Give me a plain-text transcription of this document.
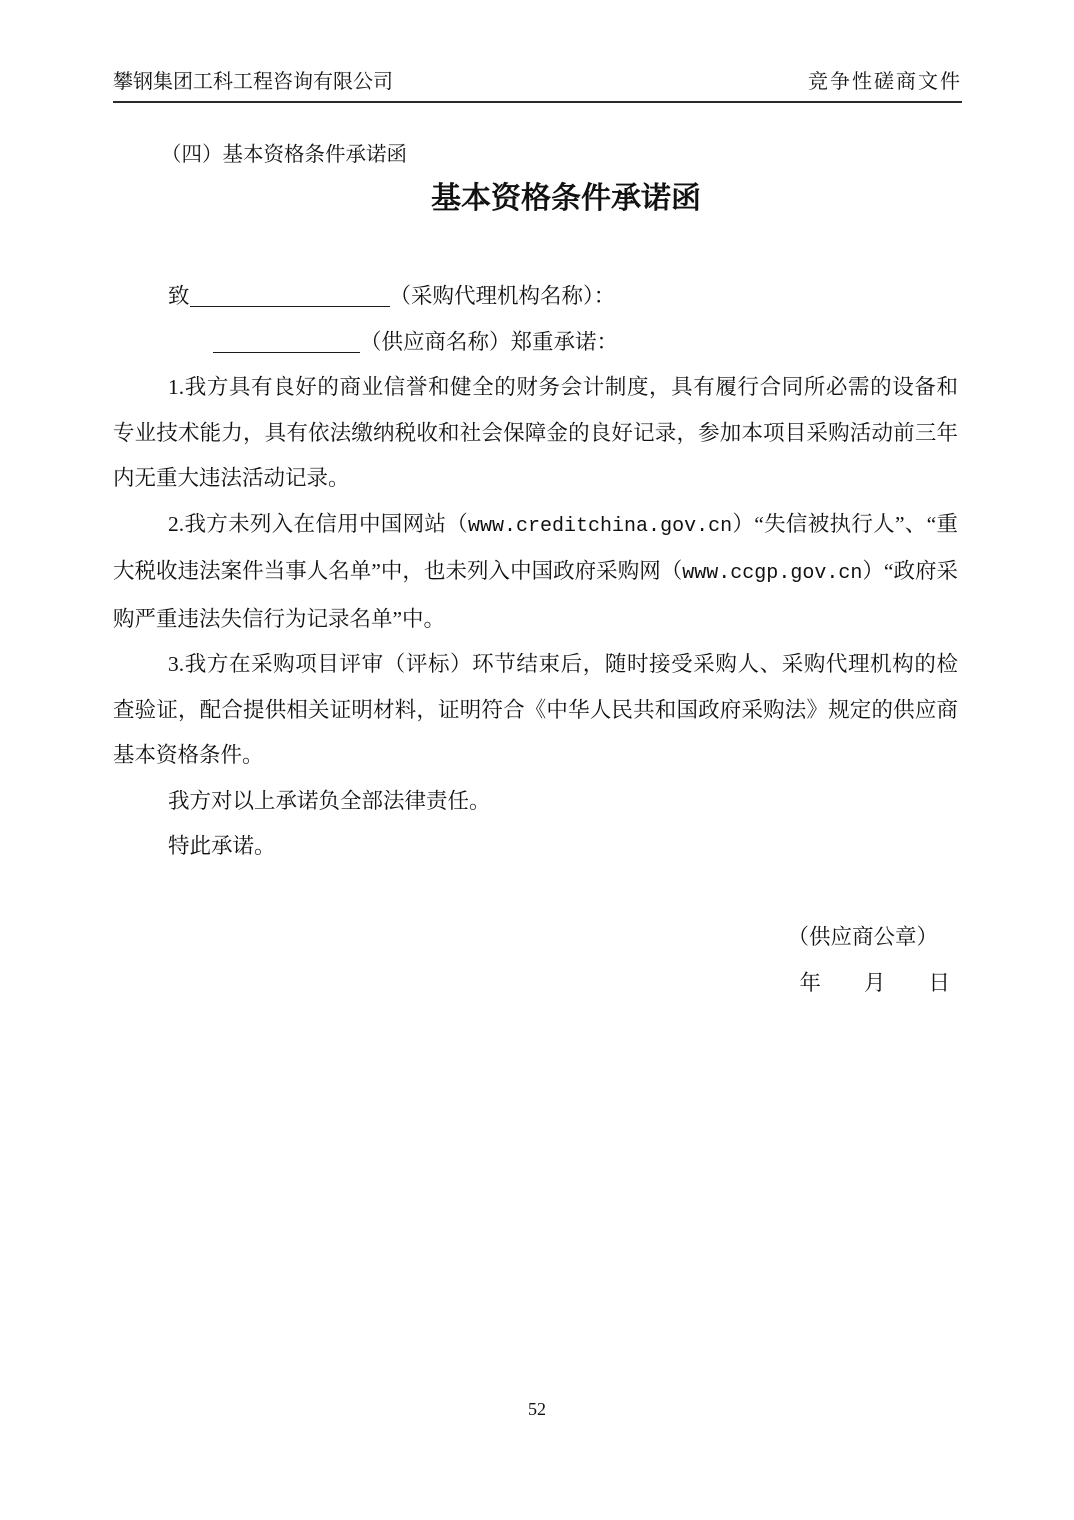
攀钢集团工科工程咨询有限公司	竞争性磋商文件
（四）基本资格条件承诺函
基本资格条件承诺函

致	（采购代理机构名称）：

（供应商名称）郑重承诺：

1.我方具有良好的商业信誉和健全的财务会计制度，具有履行合同所必需的设备和专业技术能力，具有依法缴纳税收和社会保障金的良好记录，参加本项目采购活动前三年内无重大违法活动记录。

2.我方未列入在信用中国网站（www.creditchina.gov.cn）“失信被执行人”、“重大税收违法案件当事人名单”中，也未列入中国政府采购网（www.ccgp.gov.cn）“政府采购严重违法失信行为记录名单”中。

3.我方在采购项目评审（评标）环节结束后，随时接受采购人、采购代理机构的检查验证，配合提供相关证明材料，证明符合《中华人民共和国政府采购法》规定的供应商基本资格条件。

我方对以上承诺负全部法律责任。

特此承诺。

（供应商公章）
年　　月　　日
52
